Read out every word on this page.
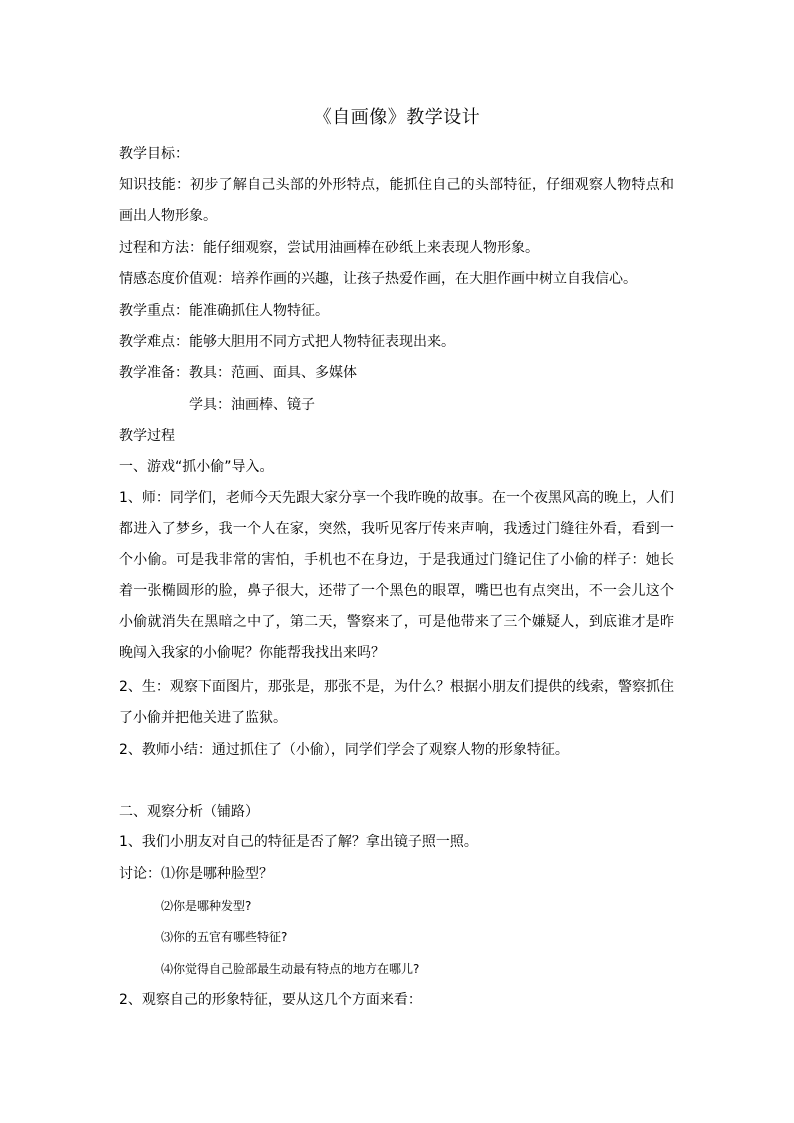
《自画像》教学设计
教学目标：
知识技能：初步了解自己头部的外形特点，能抓住自己的头部特征，仔细观察人物特点和画出人物形象。
过程和方法：能仔细观察，尝试用油画棒在砂纸上来表现人物形象。
情感态度价值观：培养作画的兴趣，让孩子热爱作画，在大胆作画中树立自我信心。
教学重点：能准确抓住人物特征。
教学难点：能够大胆用不同方式把人物特征表现出来。
教学准备：教具：范画、面具、多媒体
学具：油画棒、镜子
教学过程
一、游戏“抓小偷”导入。
1、师：同学们，老师今天先跟大家分享一个我昨晚的故事。在一个夜黑风高的晚上，人们都进入了梦乡，我一个人在家，突然，我听见客厅传来声响，我透过门缝往外看，看到一个小偷。可是我非常的害怕，手机也不在身边，于是我通过门缝记住了小偷的样子：她长着一张椭圆形的脸，鼻子很大，还带了一个黑色的眼罩，嘴巴也有点突出，不一会儿这个小偷就消失在黑暗之中了，第二天，警察来了，可是他带来了三个嫌疑人，到底谁才是昨晚闯入我家的小偷呢？你能帮我找出来吗？
2、生：观察下面图片，那张是，那张不是，为什么？根据小朋友们提供的线索，警察抓住了小偷并把他关进了监狱。
2、教师小结：通过抓住了（小偷），同学们学会了观察人物的形象特征。
二、观察分析（铺路）
1、我们小朋友对自己的特征是否了解？拿出镜子照一照。
讨论：⑴你是哪种脸型？
⑵你是哪种发型?
⑶你的五官有哪些特征?
⑷你觉得自己脸部最生动最有特点的地方在哪儿?
2、观察自己的形象特征，要从这几个方面来看：
